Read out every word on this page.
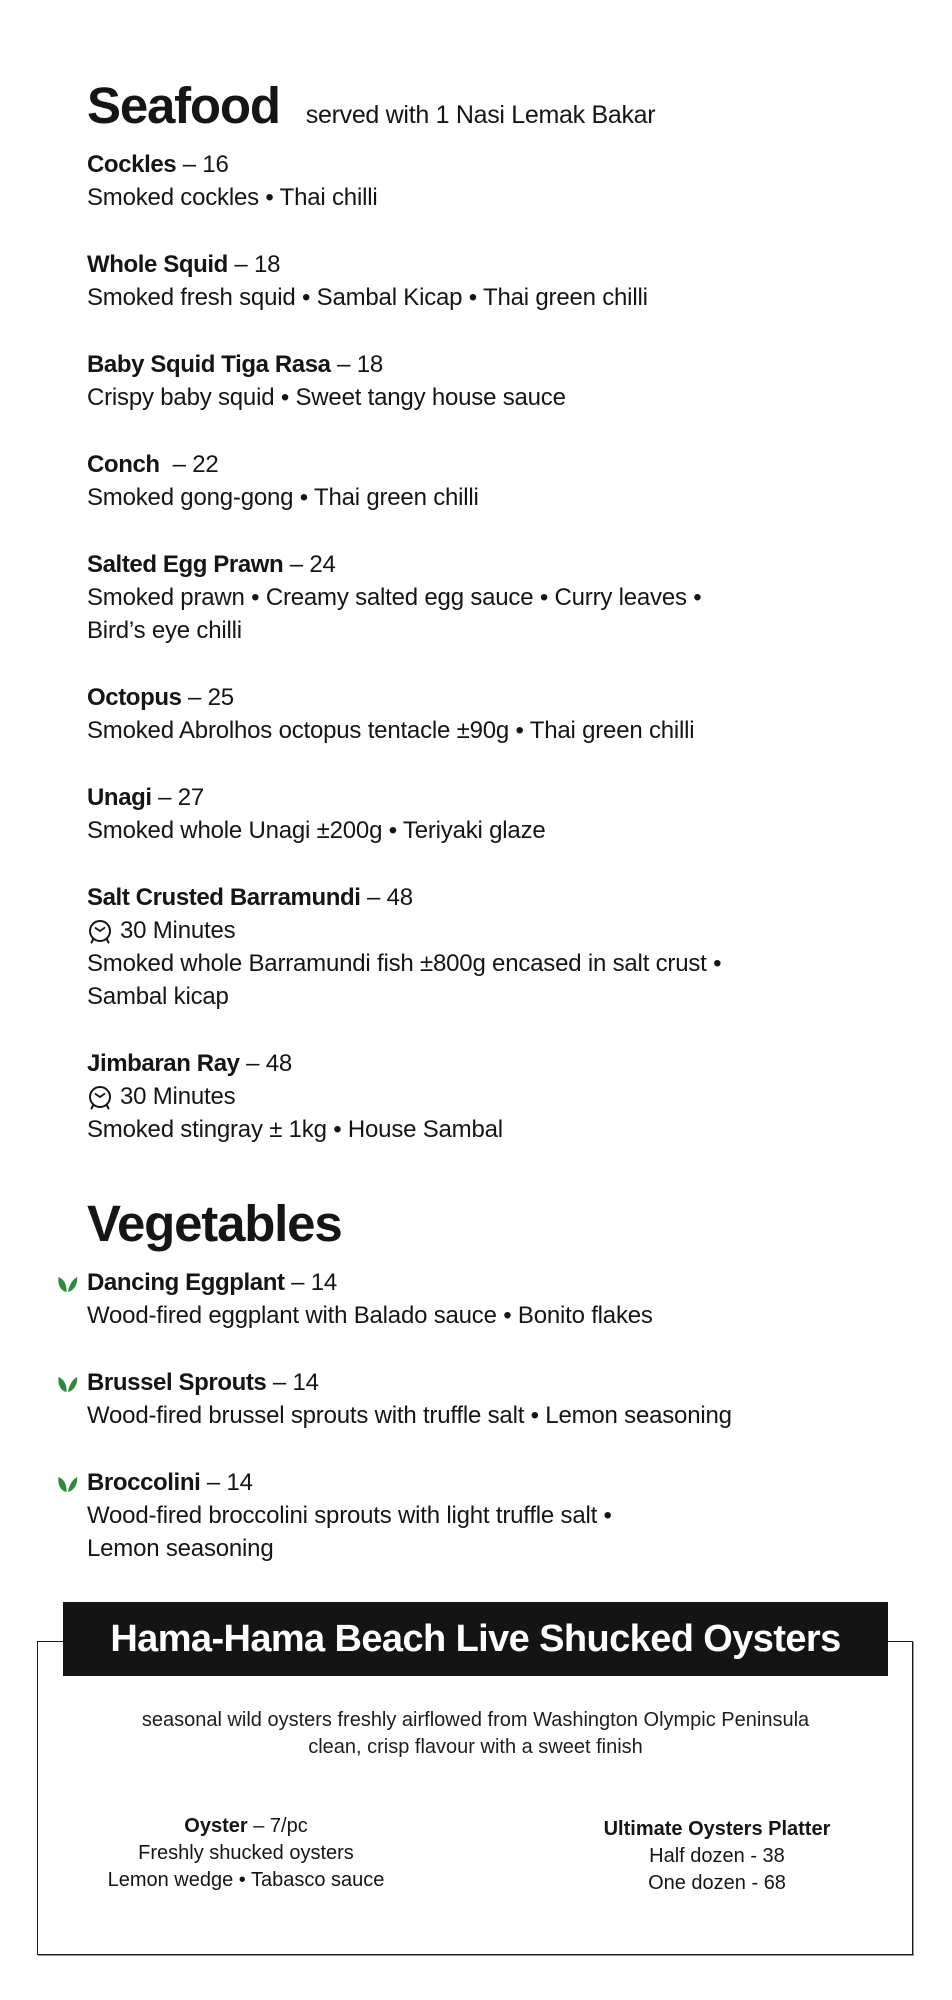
Seafood served with 1 Nasi Lemak Bakar
Cockles – 16
Smoked cockles • Thai chilli
Whole Squid – 18
Smoked fresh squid • Sambal Kicap • Thai green chilli
Baby Squid Tiga Rasa – 18
Crispy baby squid • Sweet tangy house sauce
Conch  – 22
Smoked gong-gong • Thai green chilli
Salted Egg Prawn – 24
Smoked prawn • Creamy salted egg sauce • Curry leaves •
Bird’s eye chilli
Octopus – 25
Smoked Abrolhos octopus tentacle ±90g • Thai green chilli
Unagi – 27
Smoked whole Unagi ±200g • Teriyaki glaze
Salt Crusted Barramundi – 48
30 Minutes
Smoked whole Barramundi fish ±800g encased in salt crust •
Sambal kicap
Jimbaran Ray – 48
30 Minutes
Smoked stingray ± 1kg • House Sambal
Vegetables
Dancing Eggplant – 14
Wood-fired eggplant with Balado sauce • Bonito flakes
Brussel Sprouts – 14
Wood-fired brussel sprouts with truffle salt • Lemon seasoning
Broccolini – 14
Wood-fired broccolini sprouts with light truffle salt •
Lemon seasoning
Hama-Hama Beach Live Shucked Oysters
seasonal wild oysters freshly airflowed from Washington Olympic Peninsula
clean, crisp flavour with a sweet finish
Oyster – 7/pc
Freshly shucked oysters
Lemon wedge • Tabasco sauce
Ultimate Oysters Platter
Half dozen - 38
One dozen - 68
